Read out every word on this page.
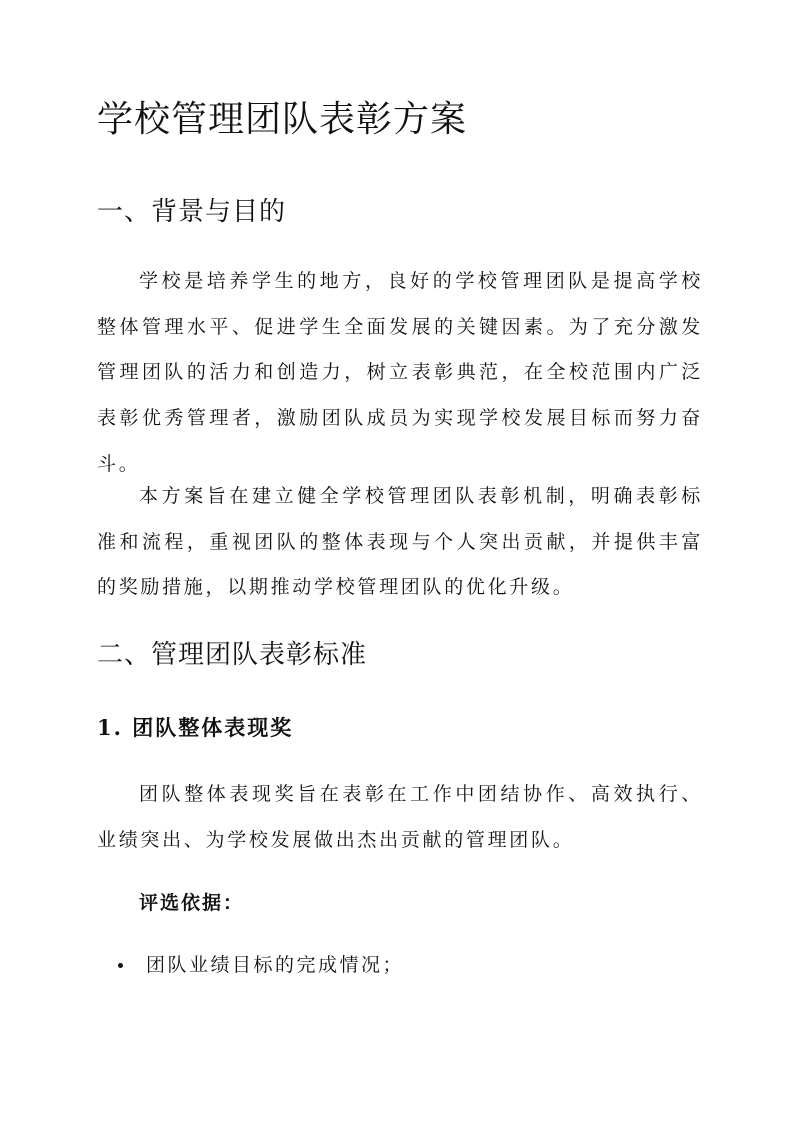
学校管理团队表彰方案
一、背景与目的

学校是培养学生的地方，良好的学校管理团队是提高学校整体管理水平、促进学生全面发展的关键因素。为了充分激发管理团队的活力和创造力，树立表彰典范，在全校范围内广泛表彰优秀管理者，激励团队成员为实现学校发展目标而努力奋斗。

本方案旨在建立健全学校管理团队表彰机制，明确表彰标准和流程，重视团队的整体表现与个人突出贡献，并提供丰富的奖励措施，以期推动学校管理团队的优化升级。

二、管理团队表彰标准
1. 团队整体表现奖

团队整体表现奖旨在表彰在工作中团结协作、高效执行、业绩突出、为学校发展做出杰出贡献的管理团队。

评选依据：

团队业绩目标的完成情况；
